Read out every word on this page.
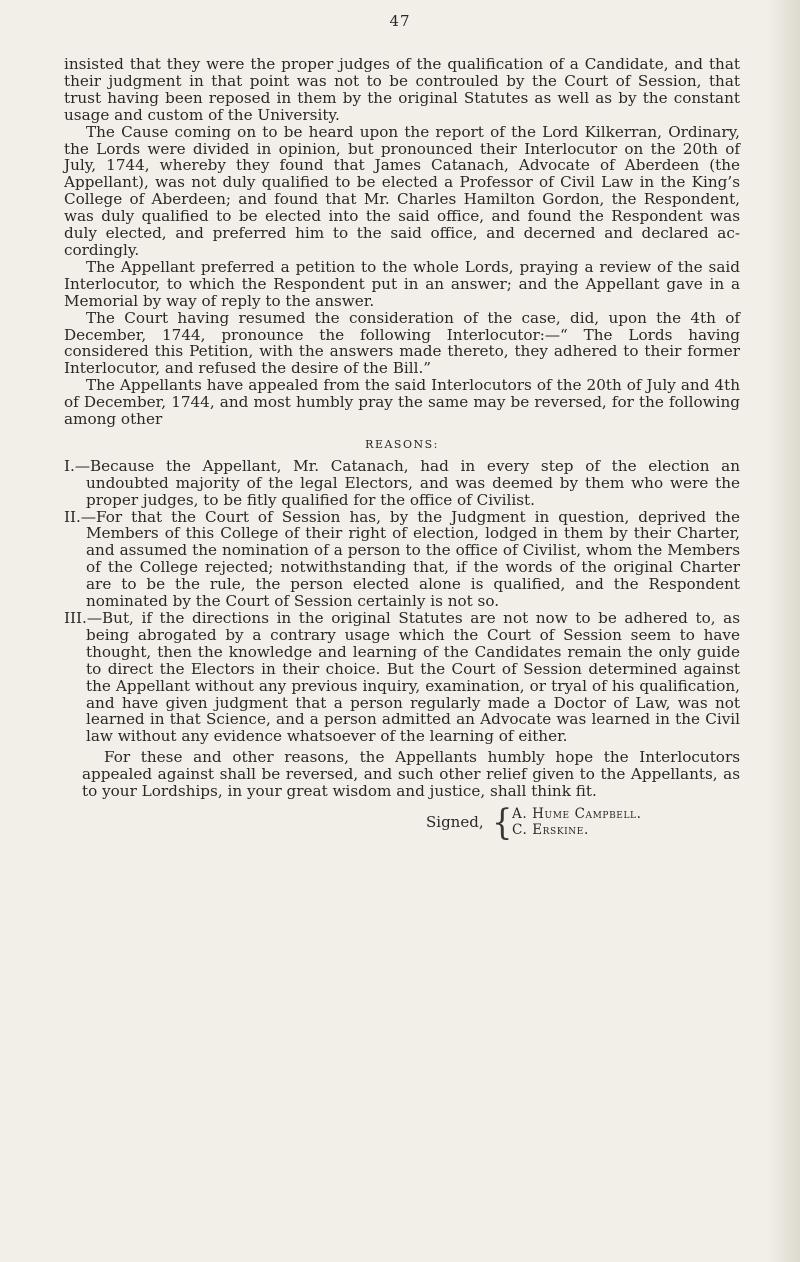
47

insisted that they were the proper judges of the qualification of a Candidate, and that their judgment in that point was not to be controuled by the Court of Session, that trust having been reposed in them by the original Statutes as well as by the constant usage and custom of the University.

The Cause coming on to be heard upon the report of the Lord Kilkerran, Ordinary, the Lords were divided in opinion, but pronounced their Interlocutor on the 20th of July, 1744, whereby they found that James Catanach, Advocate of Aberdeen (the Appellant), was not duly qualified to be elected a Professor of Civil Law in the King’s College of Aberdeen; and found that Mr. Charles Hamilton Gordon, the Respondent, was duly qualified to be elected into the said office, and found the Respondent was duly elected, and preferred him to the said office, and decerned and declared accordingly.

The Appellant preferred a petition to the whole Lords, praying a review of the said Interlocutor, to which the Respondent put in an answer; and the Appellant gave in a Memorial by way of reply to the answer.

The Court having resumed the consideration of the case, did, upon the 4th of December, 1744, pronounce the following Interlocutor:—“ The Lords having considered this Petition, with the answers made thereto, they adhered to their former Interlocutor, and refused the desire of the Bill.”

The Appellants have appealed from the said Interlocutors of the 20th of July and 4th of December, 1744, and most humbly pray the same may be reversed, for the following among other

REASONS:

I.—Because the Appellant, Mr. Catanach, had in every step of the election an undoubted majority of the legal Electors, and was deemed by them who were the proper judges, to be fitly qualified for the office of Civilist.

II.—For that the Court of Session has, by the Judgment in question, deprived the Members of this College of their right of election, lodged in them by their Charter, and assumed the nomination of a person to the office of Civilist, whom the Members of the College rejected; notwithstanding that, if the words of the original Charter are to be the rule, the person elected alone is qualified, and the Respondent nominated by the Court of Session certainly is not so.

III.—But, if the directions in the original Statutes are not now to be adhered to, as being abrogated by a contrary usage which the Court of Session seem to have thought, then the knowledge and learning of the Candidates remain the only guide to direct the Electors in their choice. But the Court of Session determined against the Appellant without any previous inquiry, examination, or tryal of his qualification, and have given judgment that a person regularly made a Doctor of Law, was not learned in that Science, and a person admitted an Advocate was learned in the Civil law without any evidence whatsoever of the learning of either.

For these and other reasons, the Appellants humbly hope the Interlocutors appealed against shall be reversed, and such other relief given to the Appellants, as to your Lordships, in your great wisdom and justice, shall think fit.

Signed, { A. Hume Campbell.
C. Erskine.
